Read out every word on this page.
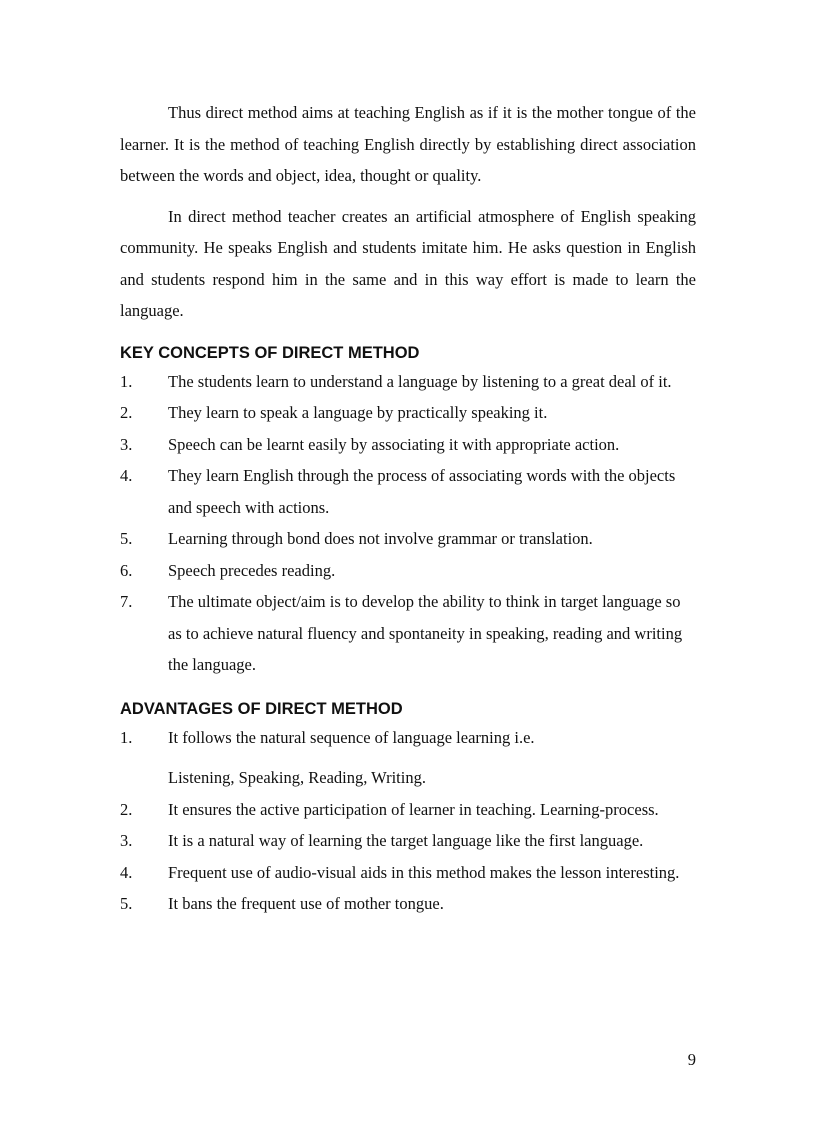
Thus direct method aims at teaching English as if it is the mother tongue of the learner. It is the method of teaching English directly by establishing direct association between the words and object, idea, thought or quality.

In direct method teacher creates an artificial atmosphere of English speaking community. He speaks English and students imitate him. He asks question in English and students respond him in the same and in this way effort is made to learn the language.

KEY CONCEPTS OF DIRECT METHOD
1.	The students learn to understand a language by listening to a great deal of it.
2.	They learn to speak a language by practically speaking it.
3.	Speech can be learnt easily by associating it with appropriate action.
4.	They learn English through the process of associating words with the objects and speech with actions.
5.	Learning through bond does not involve grammar or translation.
6.	Speech precedes reading.
7.	The ultimate object/aim is to develop the ability to think in target language so as to achieve natural fluency and spontaneity in speaking, reading and writing the language.
ADVANTAGES OF DIRECT METHOD
1.	It follows the natural sequence of language learning i.e.
Listening, Speaking, Reading, Writing.
2.	It ensures the active participation of learner in teaching. Learning-process.
3.	It is a natural way of learning the target language like the first language.
4.	Frequent use of audio-visual aids in this method makes the lesson interesting.
5.	It bans the frequent use of mother tongue.
9
